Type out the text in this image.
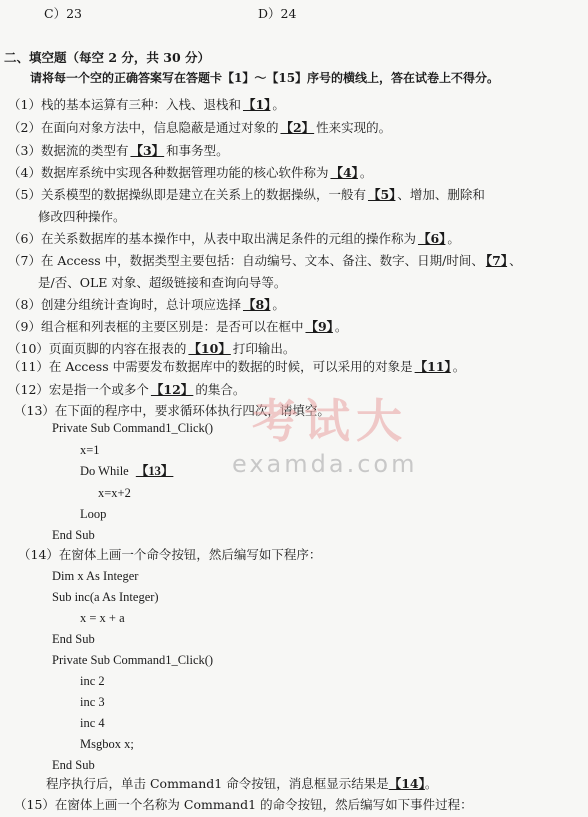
C）23	D）24
二、填空题（每空 2 分，共 30 分）
请将每一个空的正确答案写在答题卡【1】～【15】序号的横线上，答在试卷上不得分。
（1）栈的基本运算有三种：入栈、退栈和 【1】 。
（2）在面向对象方法中，信息隐蔽是通过对象的 【2】 性来实现的。
（3）数据流的类型有 【3】 和事务型。
（4）数据库系统中实现各种数据管理功能的核心软件称为 【4】 。
（5）关系模型的数据操纵即是建立在关系上的数据操纵，一般有 【5】 、增加、删除和
修改四种操作。
（6）在关系数据库的基本操作中，从表中取出满足条件的元组的操作称为 【6】 。
（7）在 Access 中，数据类型主要包括：自动编号、文本、备注、数字、日期/时间、 【7】 、
是/否、OLE 对象、超级链接和查询向导等。
（8）创建分组统计查询时，总计项应选择 【8】 。
（9）组合框和列表框的主要区别是：是否可以在框中 【9】 。
（10）页面页脚的内容在报表的 【10】 打印输出。
（11）在 Access 中需要发布数据库中的数据的时候，可以采用的对象是 【11】 。
（12）宏是指一个或多个 【12】 的集合。
（13）在下面的程序中，要求循环体执行四次，请填空。
Private Sub Command1_Click()
x=1
Do While 【13】
x=x+2
Loop
End Sub
（14）在窗体上画一个命令按钮，然后编写如下程序：
Dim x As Integer
Sub inc(a As Integer)
x = x + a
End Sub
Private Sub Command1_Click()
inc 2
inc 3
inc 4
Msgbox x;
End Sub
程序执行后，单击 Command1 命令按钮，消息框显示结果是【14】。
（15）在窗体上画一个名称为 Command1 的命令按钮，然后编写如下事件过程：
考试大
examda.com
